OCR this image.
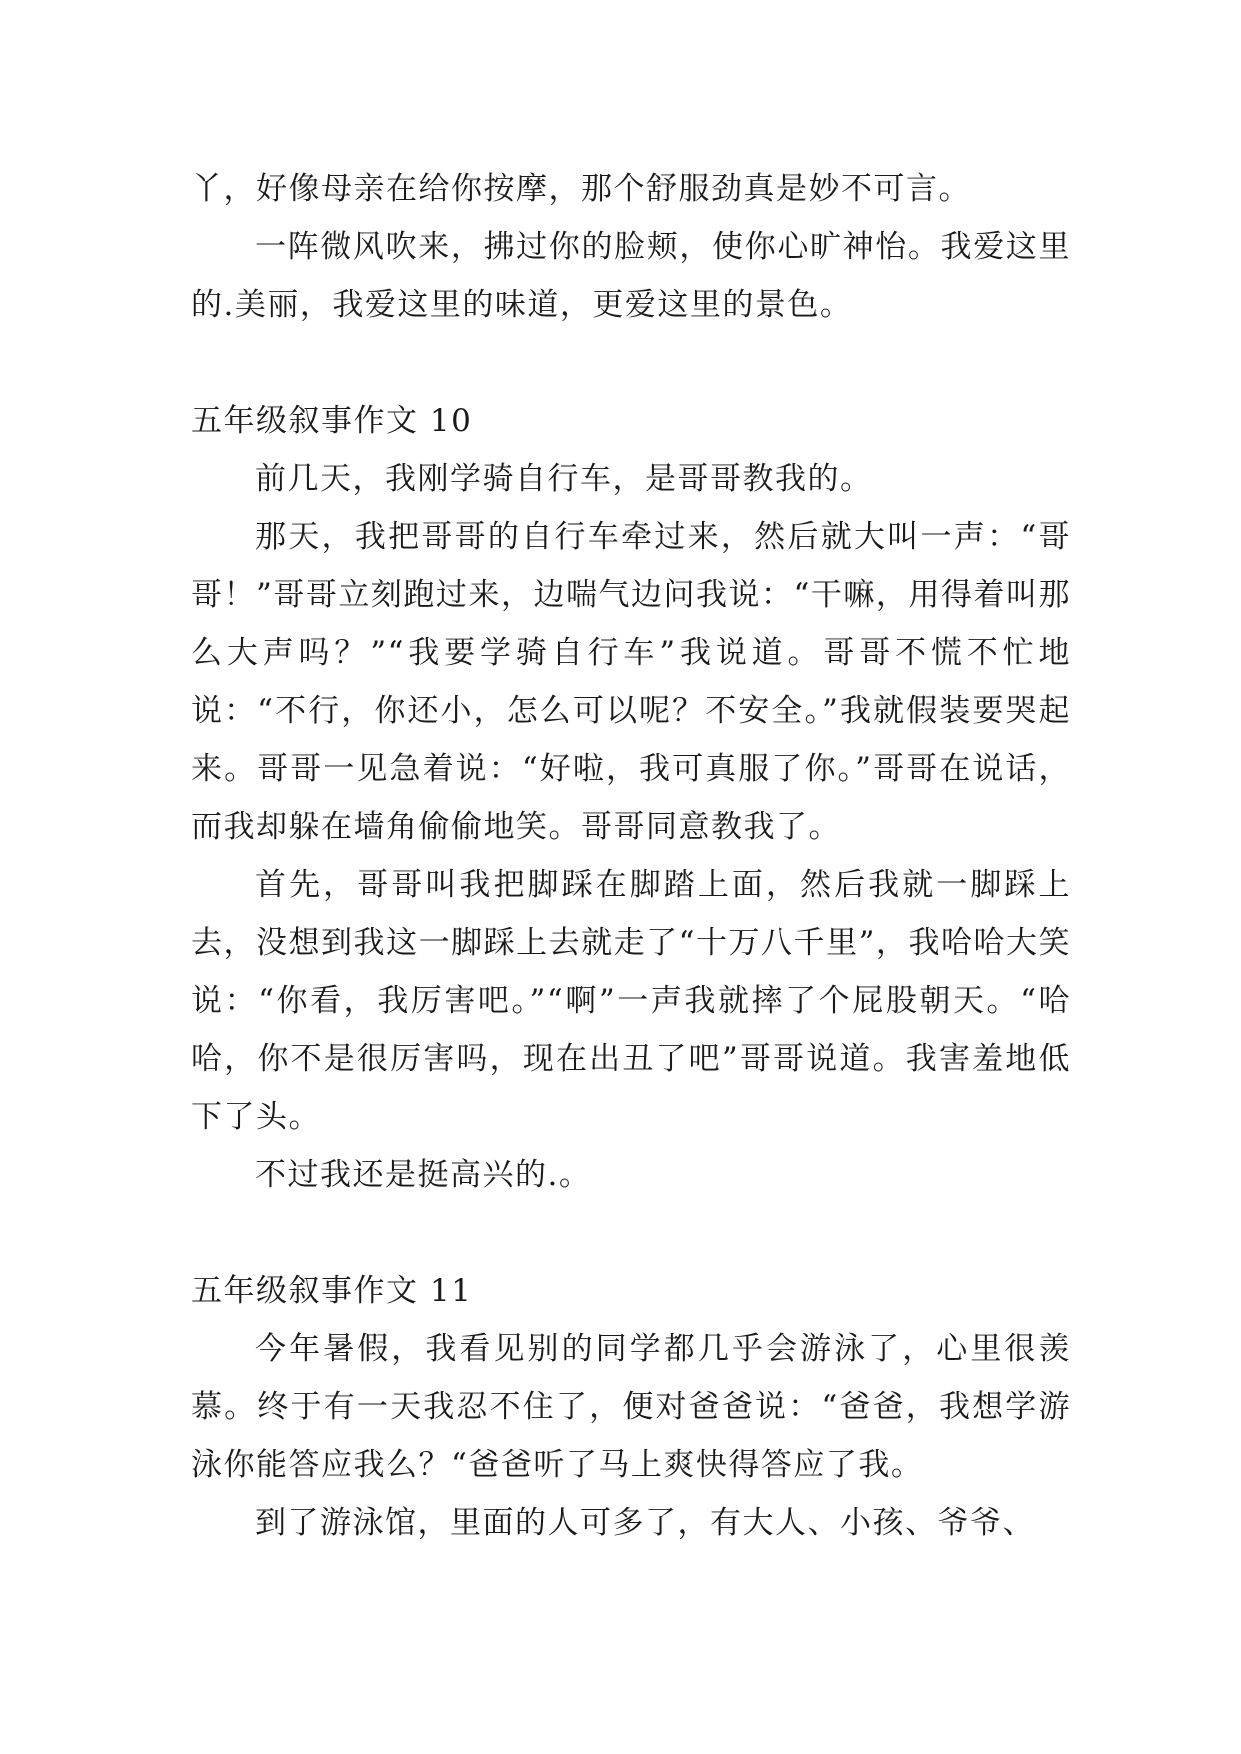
丫，好像母亲在给你按摩，那个舒服劲真是妙不可言。

一阵微风吹来，拂过你的脸颊，使你心旷神怡。我爱这里的.美丽，我爱这里的味道，更爱这里的景色。

五年级叙事作文 10

前几天，我刚学骑自行车，是哥哥教我的。

那天，我把哥哥的自行车牵过来，然后就大叫一声：“哥哥！”哥哥立刻跑过来，边喘气边问我说：“干嘛，用得着叫那么大声吗？”“我要学骑自行车”我说道。哥哥不慌不忙地说：“不行，你还小，怎么可以呢？不安全。”我就假装要哭起来。哥哥一见急着说：“好啦，我可真服了你。”哥哥在说话，而我却躲在墙角偷偷地笑。哥哥同意教我了。

首先，哥哥叫我把脚踩在脚踏上面，然后我就一脚踩上去，没想到我这一脚踩上去就走了“十万八千里”，我哈哈大笑说：“你看，我厉害吧。”“啊”一声我就摔了个屁股朝天。“哈哈，你不是很厉害吗，现在出丑了吧”哥哥说道。我害羞地低下了头。

不过我还是挺高兴的.。

五年级叙事作文 11

今年暑假，我看见别的同学都几乎会游泳了，心里很羡慕。终于有一天我忍不住了，便对爸爸说：“爸爸，我想学游泳你能答应我么？“爸爸听了马上爽快得答应了我。

到了游泳馆，里面的人可多了，有大人、小孩、爷爷、
